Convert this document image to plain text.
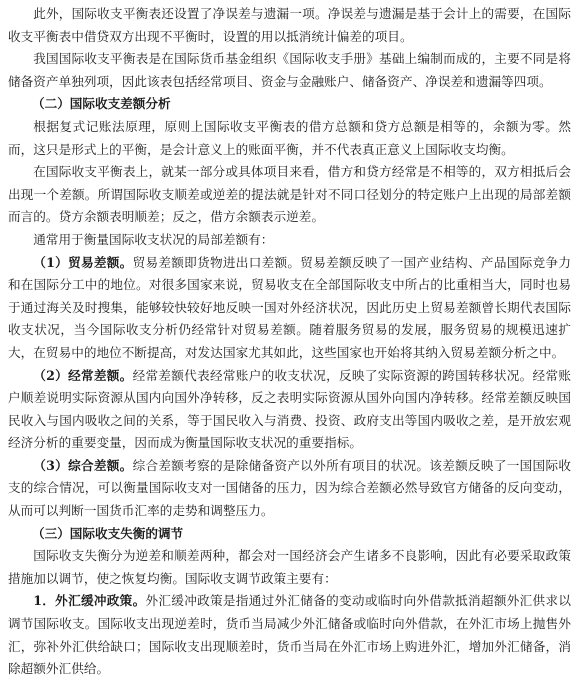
此外，国际收支平衡表还设置了净误差与遗漏一项。净误差与遗漏是基于会计上的需要，在国际收支平衡表中借贷双方出现不平衡时，设置的用以抵消统计偏差的项目。

我国国际收支平衡表是在国际货币基金组织《国际收支手册》基础上编制而成的，主要不同是将储备资产单独列项，因此该表包括经常项目、资金与金融账户、储备资产、净误差和遗漏等四项。

（二）国际收支差额分析

根据复式记账法原理，原则上国际收支平衡表的借方总额和贷方总额是相等的，余额为零。然而，这只是形式上的平衡，是会计意义上的账面平衡，并不代表真正意义上国际收支均衡。

在国际收支平衡表上，就某一部分或具体项目来看，借方和贷方经常是不相等的，双方相抵后会出现一个差额。所谓国际收支顺差或逆差的提法就是针对不同口径划分的特定账户上出现的局部差额而言的。贷方余额表明顺差；反之，借方余额表示逆差。

通常用于衡量国际收支状况的局部差额有：

（1）贸易差额。贸易差额即货物进出口差额。贸易差额反映了一国产业结构、产品国际竞争力和在国际分工中的地位。对很多国家来说，贸易收支在全部国际收支中所占的比重相当大，同时也易于通过海关及时搜集，能够较快较好地反映一国对外经济状况，因此历史上贸易差额曾长期代表国际收支状况，当今国际收支分析仍经常针对贸易差额。随着服务贸易的发展，服务贸易的规模迅速扩大，在贸易中的地位不断提高，对发达国家尤其如此，这些国家也开始将其纳入贸易差额分析之中。

（2）经常差额。经常差额代表经常账户的收支状况，反映了实际资源的跨国转移状况。经常账户顺差说明实际资源从国内向国外净转移，反之表明实际资源从国外向国内净转移。经常差额反映国民收入与国内吸收之间的关系，等于国民收入与消费、投资、政府支出等国内吸收之差，是开放宏观经济分析的重要变量，因而成为衡量国际收支状况的重要指标。

（3）综合差额。综合差额考察的是除储备资产以外所有项目的状况。该差额反映了一国国际收支的综合情况，可以衡量国际收支对一国储备的压力，因为综合差额必然导致官方储备的反向变动，从而可以判断一国货币汇率的走势和调整压力。

（三）国际收支失衡的调节

国际收支失衡分为逆差和顺差两种，都会对一国经济会产生诸多不良影响，因此有必要采取政策措施加以调节，使之恢复均衡。国际收支调节政策主要有：

1．外汇缓冲政策。外汇缓冲政策是指通过外汇储备的变动或临时向外借款抵消超额外汇供求以调节国际收支。国际收支出现逆差时，货币当局减少外汇储备或临时向外借款，在外汇市场上抛售外汇，弥补外汇供给缺口；国际收支出现顺差时，货币当局在外汇市场上购进外汇，增加外汇储备，消除超额外汇供给。
